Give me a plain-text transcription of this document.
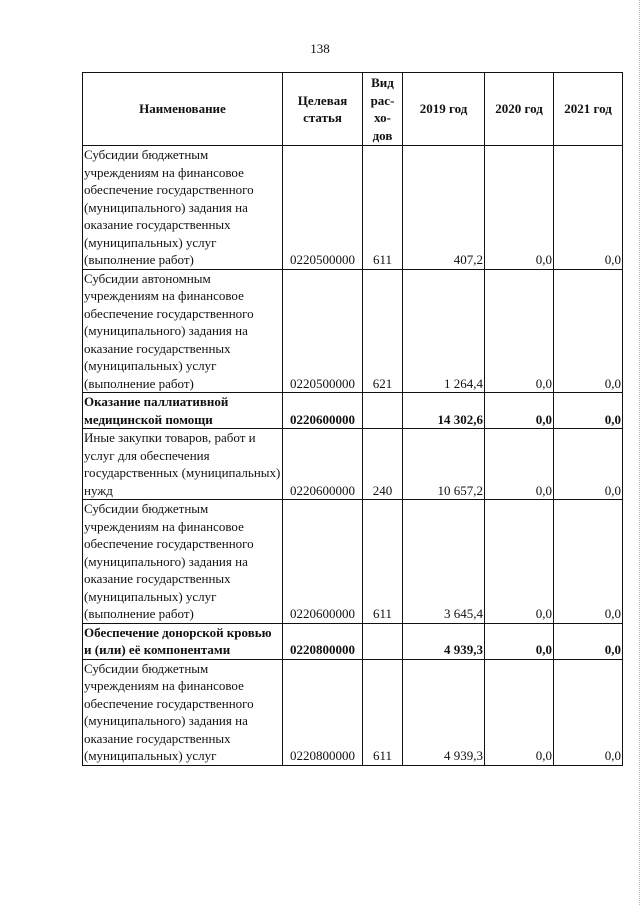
138
Наименование	Целевая статья	Вид рас- хо- дов	2019 год	2020 год	2021 год
Субсидии бюджетным учреждениям на финансовое обеспечение государственного (муниципального) задания на оказание государственных (муниципальных) услуг (выполнение работ)	0220500000	611	407,2	0,0	0,0
Субсидии автономным учреждениям на финансовое обеспечение государственного (муниципального) задания на оказание государственных (муниципальных) услуг (выполнение работ)	0220500000	621	1 264,4	0,0	0,0
Оказание паллиативной медицинской помощи	0220600000		14 302,6	0,0	0,0
Иные закупки товаров, работ и услуг для обеспечения государственных (муниципальных) нужд	0220600000	240	10 657,2	0,0	0,0
Субсидии бюджетным учреждениям на финансовое обеспечение государственного (муниципального) задания на оказание государственных (муниципальных) услуг (выполнение работ)	0220600000	611	3 645,4	0,0	0,0
Обеспечение донорской кровью и (или) её компонентами	0220800000		4 939,3	0,0	0,0
Субсидии бюджетным учреждениям на финансовое обеспечение государственного (муниципального) задания на оказание государственных (муниципальных) услуг	0220800000	611	4 939,3	0,0	0,0
